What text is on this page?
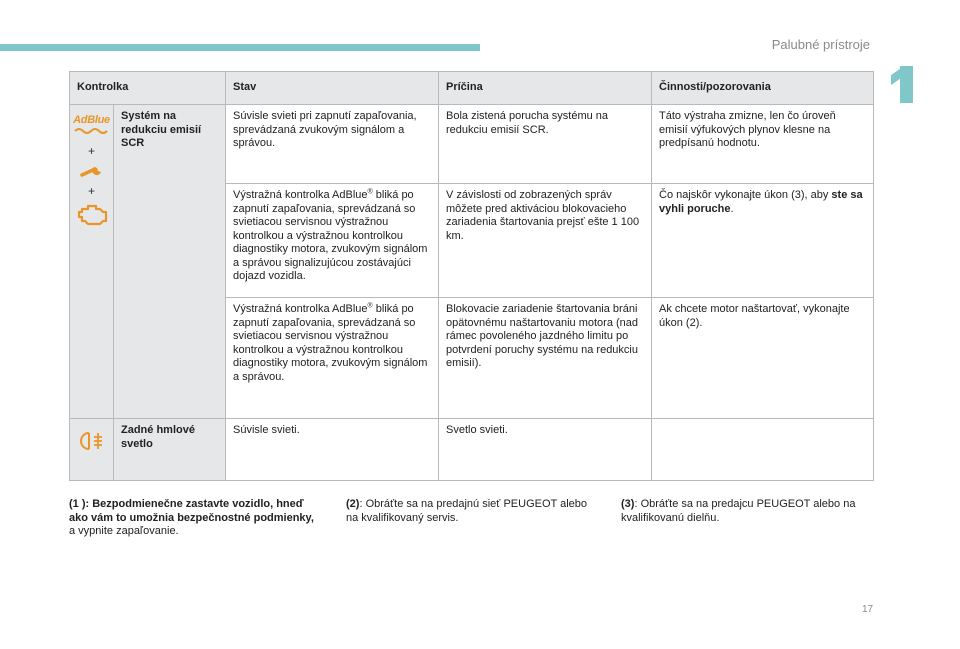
Palubné prístroje
Kontrolka		Stav	Príčina	Činnosti/pozorovania

AdBlue
+
+	Systém na redukciu emisií SCR	Súvisle svieti pri zapnutí zapaľovania, sprevádzaná zvukovým signálom a správou.	Bola zistená porucha systému na redukciu emisií SCR.	Táto výstraha zmizne, len čo úroveň emisií výfukových plynov klesne na predpísanú hodnotu.

		Výstražná kontrolka AdBlue® bliká po zapnutí zapaľovania, sprevádzaná so svietiacou servisnou výstražnou kontrolkou a výstražnou kontrolkou diagnostiky motora, zvukovým signálom a správou signalizujúcou zostávajúci dojazd vozidla.	V závislosti od zobrazených správ môžete pred aktiváciou blokovacieho zariadenia štartovania prejsť ešte 1 100 km.	Čo najskôr vykonajte úkon (3), aby ste sa vyhli poruche.

		Výstražná kontrolka AdBlue® bliká po zapnutí zapaľovania, sprevádzaná so svietiacou servisnou výstražnou kontrolkou a výstražnou kontrolkou diagnostiky motora, zvukovým signálom a správou.	Blokovacie zariadenie štartovania bráni opätovnému naštartovaniu motora (nad rámec povoleného jazdného limitu po potvrdení poruchy systému na redukciu emisií).	Ak chcete motor naštartovať, vykonajte úkon (2).

Zadné hmlové svetlo	Súvisle svieti.	Svetlo svieti.	

(1 ): Bezpodmienečne zastavte vozidlo, hneď ako vám to umožnia bezpečnostné podmienky, a vypnite zapaľovanie.
(2): Obráťte sa na predajnú sieť PEUGEOT alebo na kvalifikovaný servis.
(3): Obráťte sa na predajcu PEUGEOT alebo na kvalifikovanú dielňu.
17
